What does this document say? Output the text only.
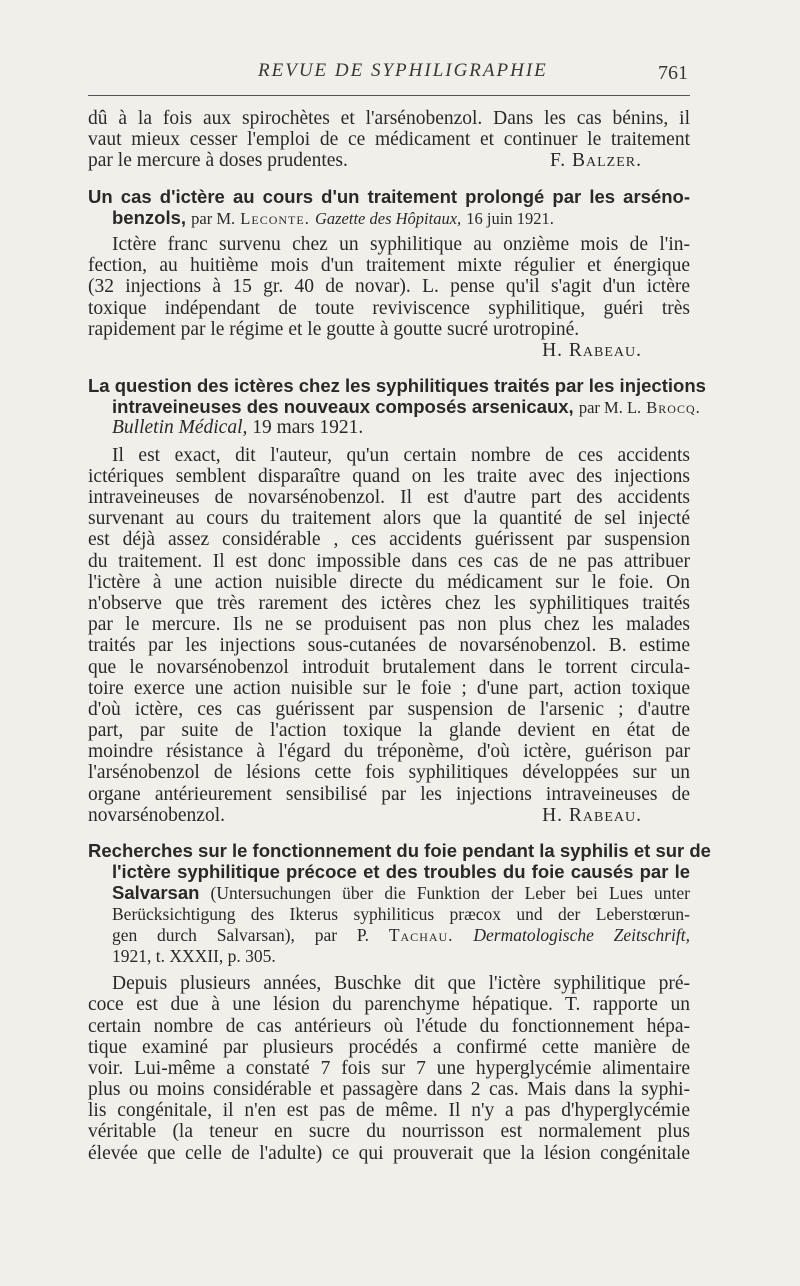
REVUE DE SYPHILIGRAPHIE	761
dû à la fois aux spirochètes et l'arsénobenzol. Dans les cas bénins, il
vaut mieux cesser l'emploi de ce médicament et continuer le traitement
par le mercure à doses prudentes.	F. Balzer.
Un cas d'ictère au cours d'un traitement prolongé par les arséno-
benzols, par M. Leconte. Gazette des Hôpitaux, 16 juin 1921.
Ictère franc survenu chez un syphilitique au onzième mois de l'in-
fection, au huitième mois d'un traitement mixte régulier et énergique
(32 injections à 15 gr. 40 de novar). L. pense qu'il s'agit d'un ictère
toxique indépendant de toute reviviscence syphilitique, guéri très
rapidement par le régime et le goutte à goutte sucré urotropiné.
H. Rabeau.
La question des ictères chez les syphilitiques traités par les injections
intraveineuses des nouveaux composés arsenicaux, par M. L. Brocq.
Bulletin Médical, 19 mars 1921.
Il est exact, dit l'auteur, qu'un certain nombre de ces accidents
ictériques semblent disparaître quand on les traite avec des injections
intraveineuses de novarsénobenzol. Il est d'autre part des accidents
survenant au cours du traitement alors que la quantité de sel injecté
est déjà assez considérable , ces accidents guérissent par suspension
du traitement. Il est donc impossible dans ces cas de ne pas attribuer
l'ictère à une action nuisible directe du médicament sur le foie. On
n'observe que très rarement des ictères chez les syphilitiques traités
par le mercure. Ils ne se produisent pas non plus chez les malades
traités par les injections sous-cutanées de novarsénobenzol. B. estime
que le novarsénobenzol introduit brutalement dans le torrent circula-
toire exerce une action nuisible sur le foie ; d'une part, action toxique
d'où ictère, ces cas guérissent par suspension de l'arsenic ; d'autre
part, par suite de l'action toxique la glande devient en état de
moindre résistance à l'égard du tréponème, d'où ictère, guérison par
l'arsénobenzol de lésions cette fois syphilitiques développées sur un
organe antérieurement sensibilisé par les injections intraveineuses de
novarsénobenzol.	H. Rabeau.
Recherches sur le fonctionnement du foie pendant la syphilis et sur de
l'ictère syphilitique précoce et des troubles du foie causés par le
Salvarsan (Untersuchungen über die Funktion der Leber bei Lues unter
Berücksichtigung des Ikterus syphiliticus præcox und der Leberstœrun-
gen durch Salvarsan), par P. Tachau. Dermatologische Zeitschrift,
1921, t. XXXII, p. 305.
Depuis plusieurs années, Buschke dit que l'ictère syphilitique pré-
coce est due à une lésion du parenchyme hépatique. T. rapporte un
certain nombre de cas antérieurs où l'étude du fonctionnement hépa-
tique examiné par plusieurs procédés a confirmé cette manière de
voir. Lui-même a constaté 7 fois sur 7 une hyperglycémie alimentaire
plus ou moins considérable et passagère dans 2 cas. Mais dans la syphi-
lis congénitale, il n'en est pas de même. Il n'y a pas d'hyperglycémie
véritable (la teneur en sucre du nourrisson est normalement plus
élevée que celle de l'adulte) ce qui prouverait que la lésion congénitale
